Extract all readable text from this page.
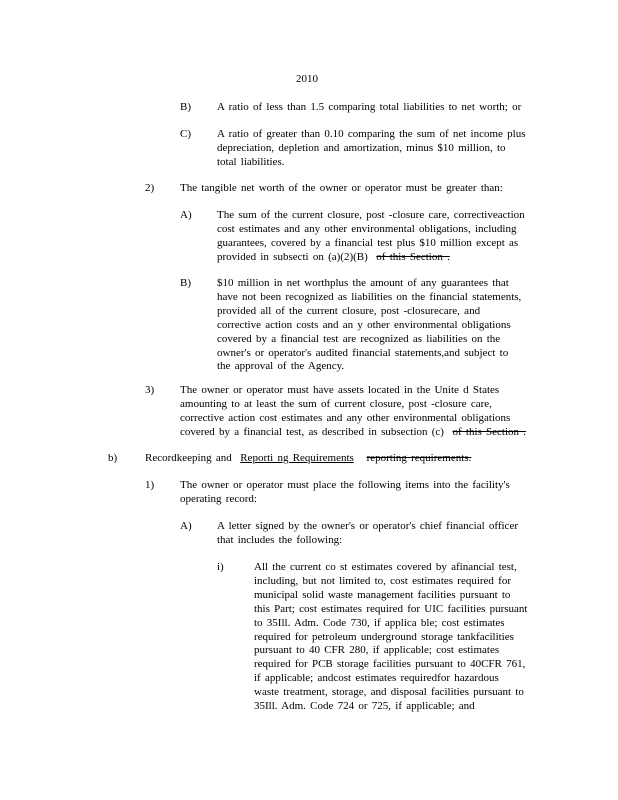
2010
B) A ratio of less than 1.5 comparing total liabilities to net worth; or
C) A ratio of greater than 0.10 comparing the sum of net income plus
depreciation, depletion and amortization, minus $10 million, to
total liabilities.
2) The tangible net worth of the owner or operator must be greater than:
A) The sum of the current closure, post -closure care, correctiveaction
cost estimates and any other environmental obligations, including
guarantees, covered by a financial test plus $10 million except as
provided in subsecti on (a)(2)(B) of this Section .
B) $10 million in net worthplus the amount of any guarantees that
have not been recognized as liabilities on the financial statements,
provided all of the current closure, post -closurecare, and
corrective action costs and an y other environmental obligations
covered by a financial test are recognized as liabilities on the
owner's or operator's audited financial statements,and subject to
the approval of the Agency.
3) The owner or operator must have assets located in the Unite d States
amounting to at least the sum of current closure, post -closure care,
corrective action cost estimates and any other environmental obligations
covered by a financial test, as described in subsection (c) of this Section .
b)	Recordkeeping and Reporti ng Requirements reporting requirements.
1) The owner or operator must place the following items into the facility's
operating record:
A) A letter signed by the owner's or operator's chief financial officer
that includes the following:
i)	All the current co st estimates covered by afinancial test,
including, but not limited to, cost estimates required for
municipal solid waste management facilities pursuant to
this Part; cost estimates required for UIC facilities pursuant
to 35Ill. Adm. Code 730, if applica ble; cost estimates
required for petroleum underground storage tankfacilities
pursuant to 40 CFR 280, if applicable; cost estimates
required for PCB storage facilities pursuant to 40CFR 761,
if applicable; andcost estimates requiredfor hazardous
waste treatment, storage, and disposal facilities pursuant to
35Ill. Adm. Code 724 or 725, if applicable; and
